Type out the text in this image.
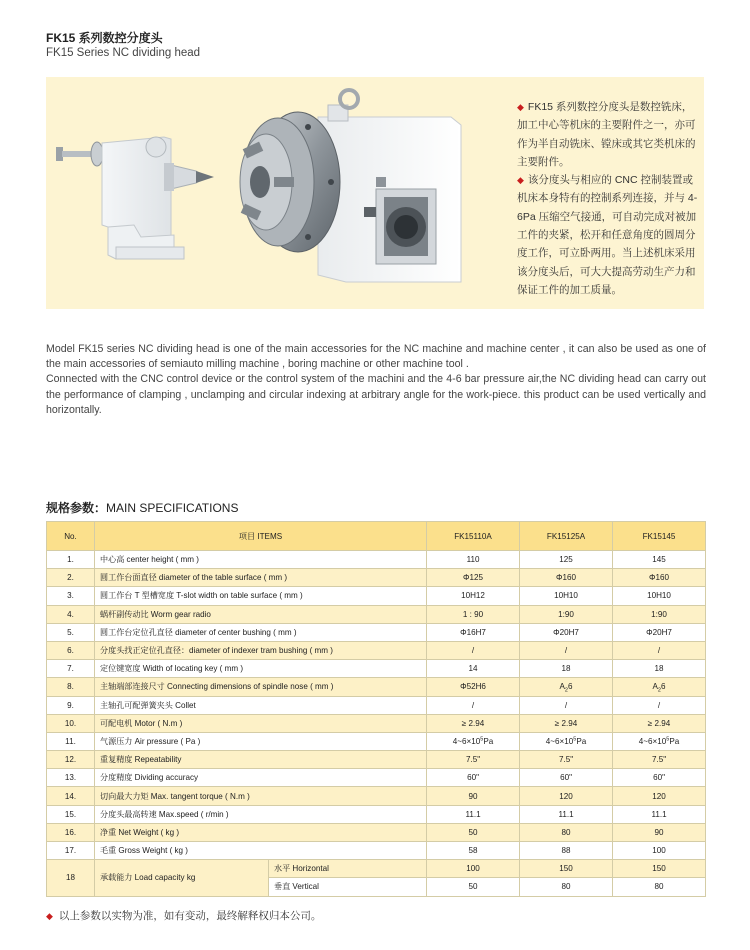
FK15 系列数控分度头
FK15 Series NC dividing head
◆ FK15 系列数控分度头是数控铣床，加工中心等机床的主要附件之一，亦可作为半自动铣床、镗床或其它类机床的主要附件。
◆ 该分度头与相应的 CNC 控制装置或机床本身特有的控制系列连接，并与 4-6Pa 压缩空气接通，可自动完成对被加工件的夹紧，松开和任意角度的圆周分度工作，可立卧两用。当上述机床采用该分度头后，可大大提高劳动生产力和保证工件的加工质量。

Model FK15 series NC dividing head is one of the main accessories for the NC machine and machine center , it can also be used as one of the main accessories of semiauto milling machine , boring machine or other machine tool .

Connected with the CNC control device or the control system of the machini and the 4-6 bar pressure air,the NC dividing head can carry out the performance of clamping , unclamping and circular indexing at arbitrary angle for the work-piece. this product can be used vertically and horizontally.

规格参数：MAIN SPECIFICATIONS
No.	项目 ITEMS		FK15110A	FK15125A	FK15145
1.	中心高 center height ( mm )		110	125	145
2.	圆工作台面直径 diameter of the table surface ( mm )		Φ125	Φ160	Φ160
3.	圆工作台 T 型槽宽度 T-slot width on table surface ( mm )		10H12	10H10	10H10
4.	蜗杆副传动比 Worm gear radio		1 : 90	1:90	1:90
5.	圆工作台定位孔直径 diameter of center bushing ( mm )		Φ16H7	Φ20H7	Φ20H7
6.	分度头找正定位孔直径：diameter of indexer tram bushing ( mm )		/	/	/
7.	定位键宽度 Width of locating key ( mm )		14	18	18
8.	主轴端部连接尺寸 Connecting dimensions of spindle nose ( mm )		Φ52H6	$A_26$	$A_26$
9.	主轴孔可配弹簧夹头 Collet		/	/	/
10.	可配电机 Motor ( N.m )		≥ 2.94	≥ 2.94	≥ 2.94
11.	气源压力 Air pressure ( Pa )		$4\sim 6\times 10^5Pa$	$4\sim 6\times 10^5Pa$	$4\sim 6\times 10^5Pa$
12.	重复精度 Repeatability		7.5"	7.5"	7.5"
13.	分度精度 Dividing accuracy		60"	60"	60"
14.	切向最大力矩 Max. tangent torque ( N.m )		90	120	120
15.	分度头最高转速 Max.speed ( r/min )		11.1	11.1	11.1
16.	净重 Net Weight ( kg )		50	80	90
17.	毛重 Gross Weight ( kg )		58	88	100
18	承载能力 Load capacity kg	水平 Horizontal	100	150	150
		垂直 Vertical	50	80	80
◆ 以上参数以实物为准，如有变动，最终解释权归本公司。
